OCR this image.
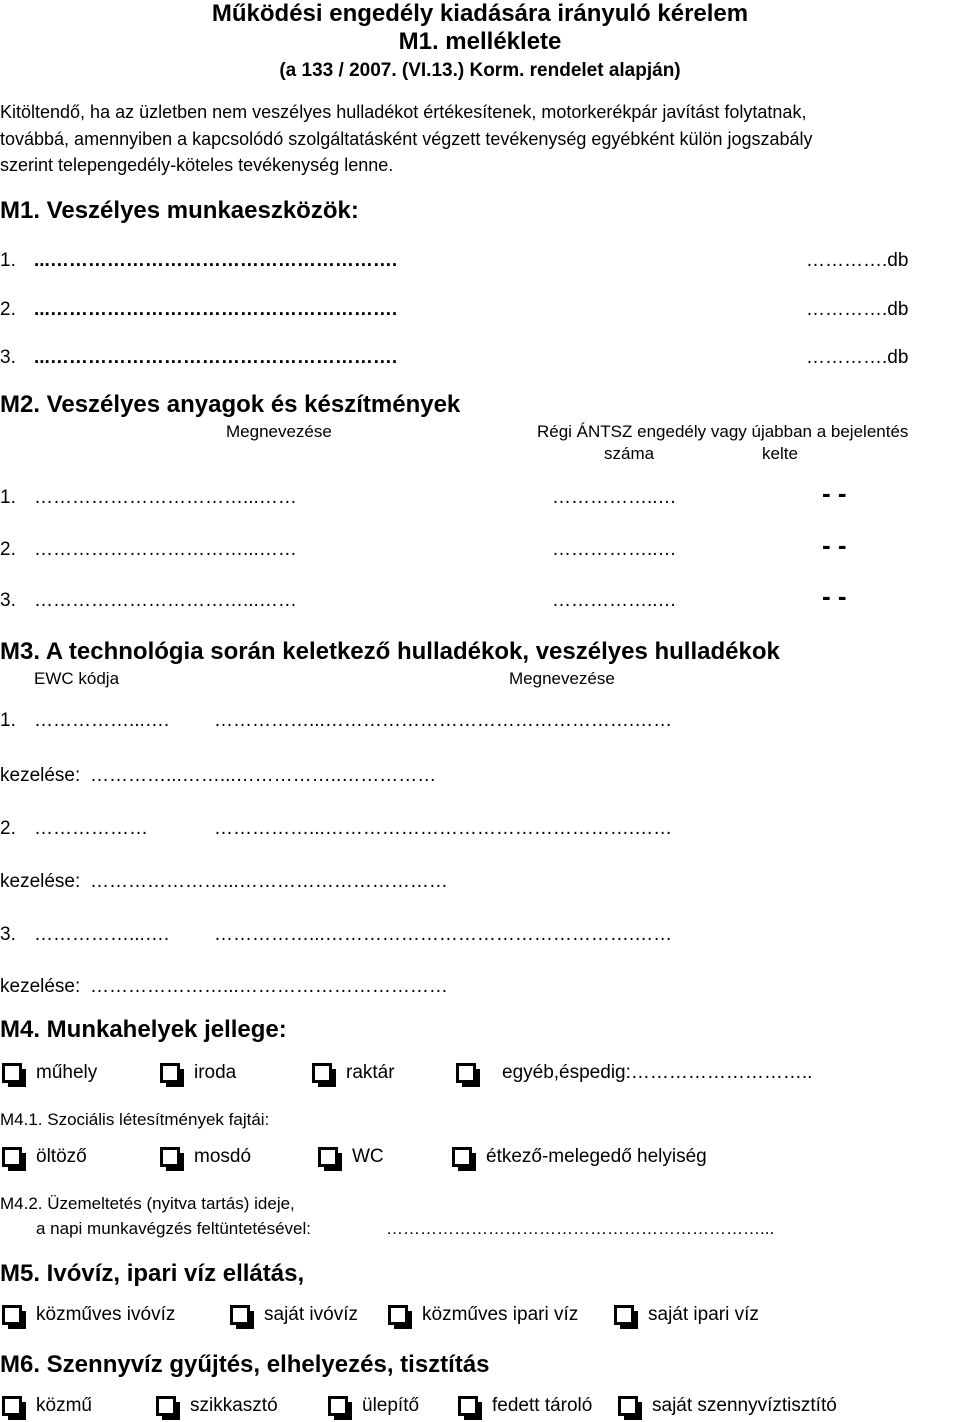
Működési engedély kiadására irányuló kérelem
M1. melléklete
(a 133 / 2007. (VI.13.) Korm. rendelet alapján)
Kitöltendő, ha az üzletben nem veszélyes hulladékot értékesítenek, motorkerékpár javítást folytatnak,
továbbá, amennyiben a kapcsolódó szolgáltatásként végzett tevékenység egyébként külön jogszabály
szerint telepengedély-köteles tevékenység lenne.
M1. Veszélyes munkaeszközök:
1. ...……………………………………………….	………….db
2. ...……………………………………………….	………….db
3. ...……………………………………………….	………….db
M2. Veszélyes anyagok és készítmények
Megnevezése	Régi ÁNTSZ engedély vagy újabban a bejelentés
száma	kelte
1. ……………………………...……	……………..…	- -
2. ……………………………...……	……………..…	- -
3. ……………………………...……	……………..…	- -
M3. A technológia során keletkező hulladékok, veszélyes hulladékok
EWC kódja	Megnevezése
1. ……………...…. ……………...………………………………………….……
kezelése: …………...……...……………..……………
2. ………………	……………...………………………………………….……
kezelése: …………………...……………………………
3. ……………...…. ……………...………………………………………….……
kezelése: …………………...……………………………
M4. Munkahelyek jellege:
műhely	iroda	raktár	egyéb,éspedig:………………………..
M4.1. Szociális létesítmények fajtái:
öltöző	mosdó	WC	étkező-melegedő helyiség
M4.2. Üzemeltetés (nyitva tartás) ideje,
a napi munkavégzés feltüntetésével:	…………………………………………………………...
M5. Ivóvíz, ipari víz ellátás,
közműves ivóvíz	saját ivóvíz	közműves ipari víz	saját ipari víz
M6. Szennyvíz gyűjtés, elhelyezés, tisztítás
közmű	szikkasztó	ülepítő	fedett tároló	saját szennyvíztisztító
